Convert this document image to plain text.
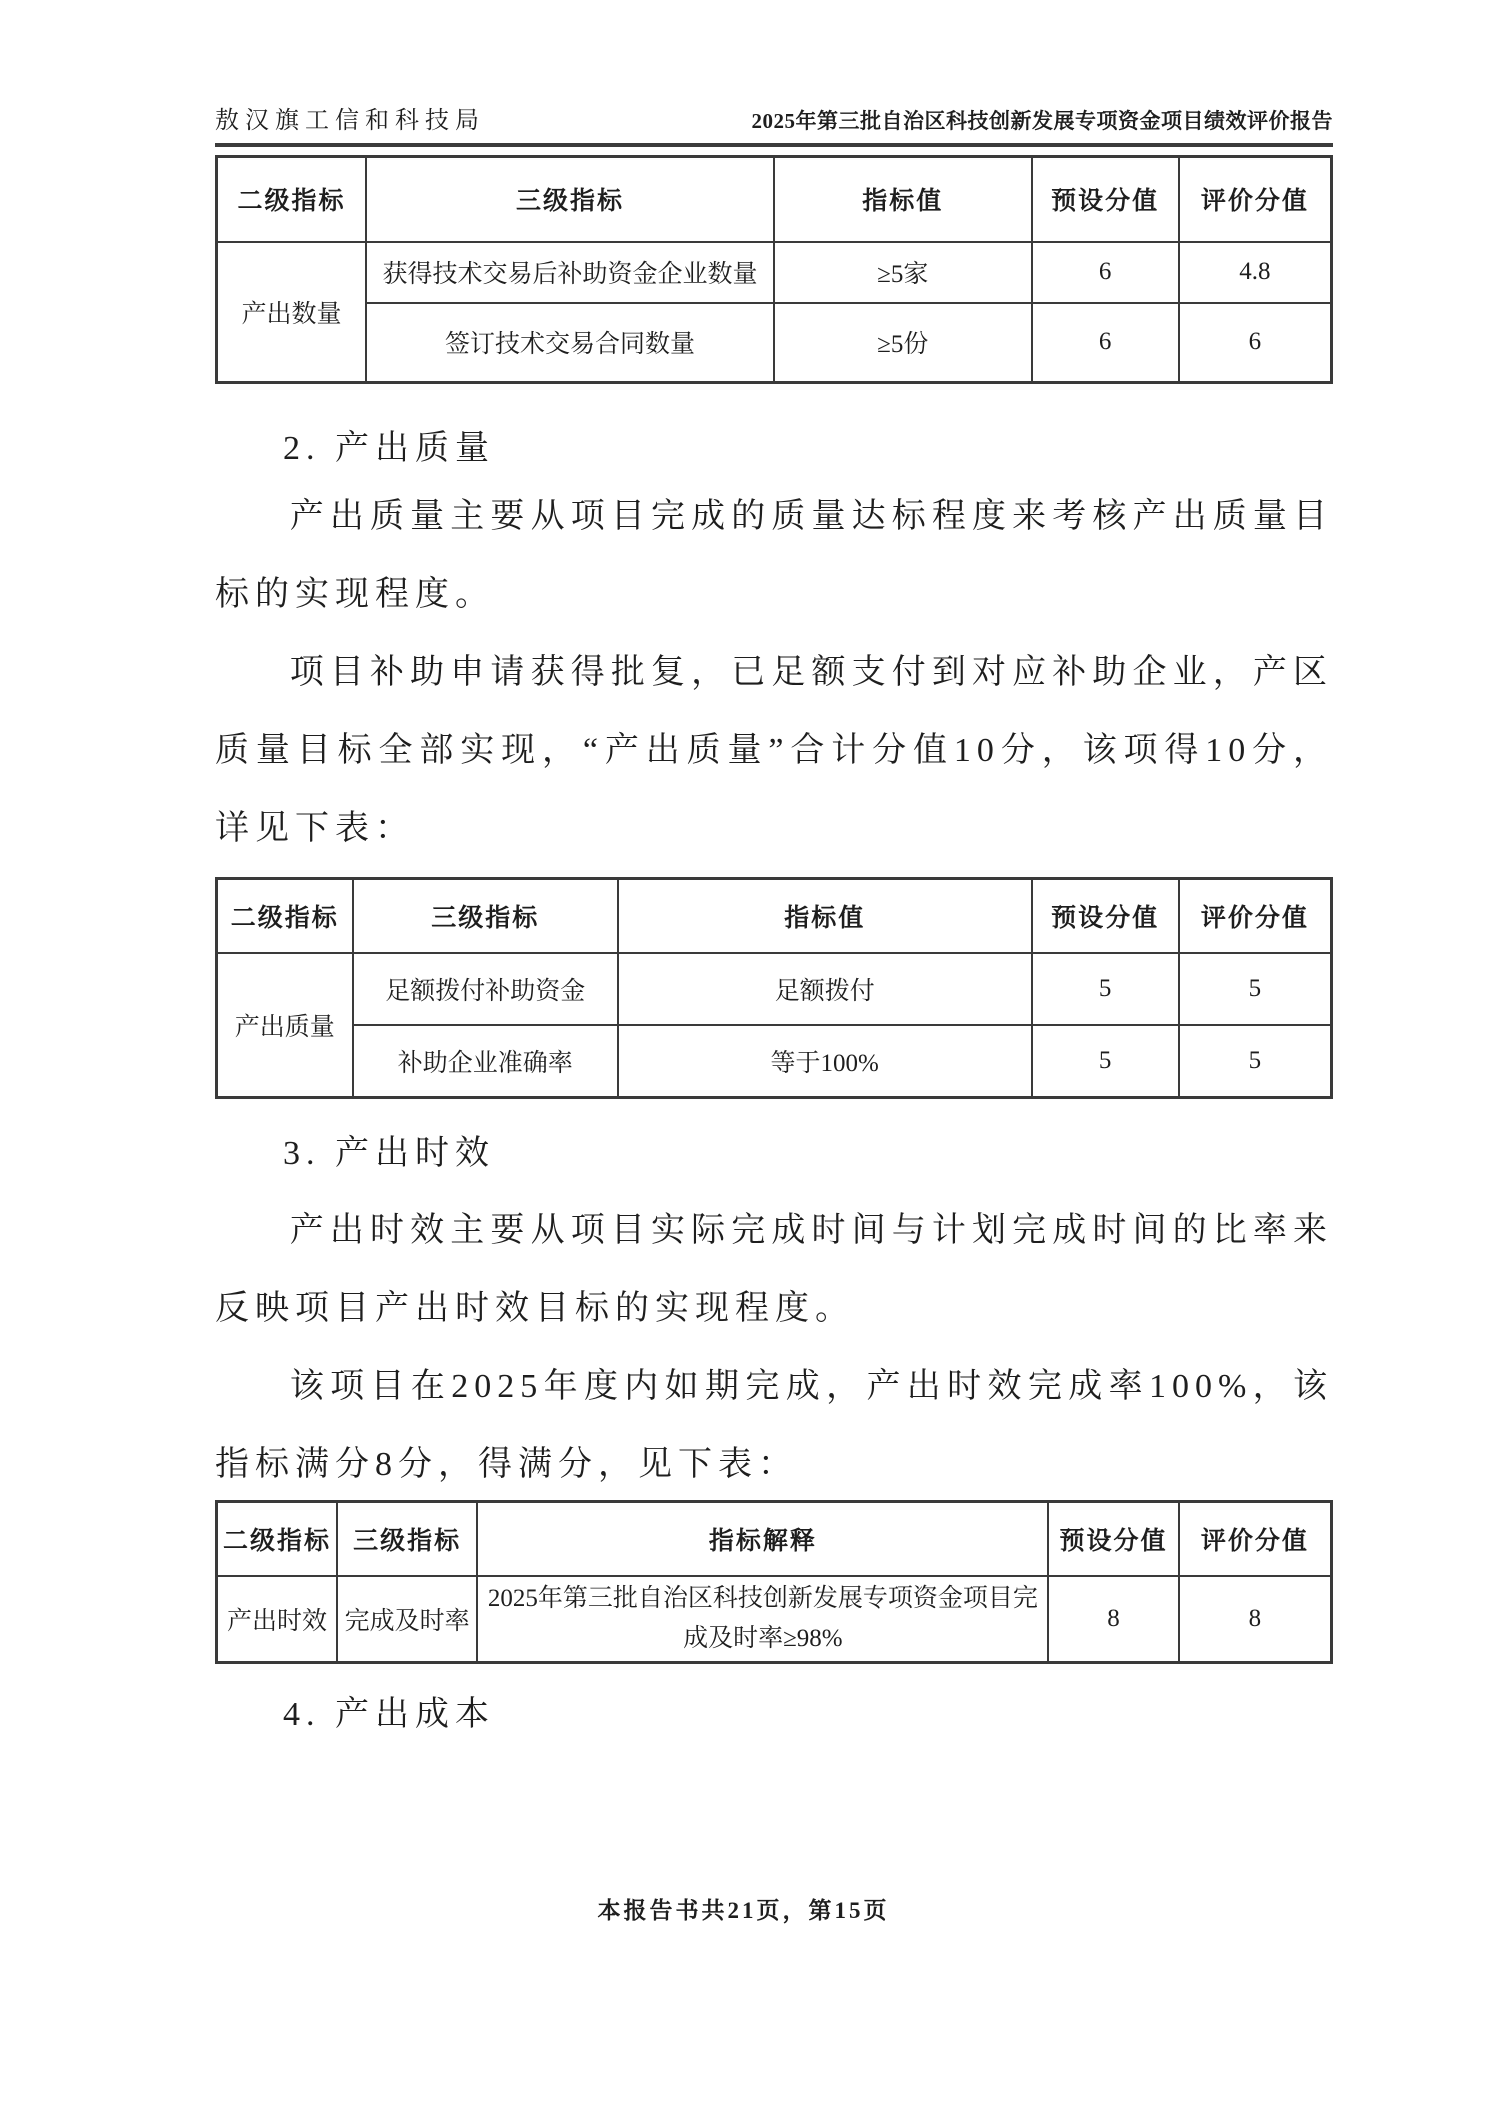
敖汉旗工信和科技局	2025年第三批自治区科技创新发展专项资金项目绩效评价报告
二级指标	三级指标	指标值	预设分值	评价分值
产出数量	获得技术交易后补助资金企业数量	≥5家	6	4.8
	签订技术交易合同数量	≥5份	6	6
2. 产出质量

产出质量主要从项目完成的质量达标程度来考核产出质量目标的实现程度。

项目补助申请获得批复，已足额支付到对应补助企业，产区质量目标全部实现，“产出质量”合计分值10分，该项得10分，详见下表：

二级指标	三级指标	指标值	预设分值	评价分值
产出质量	足额拨付补助资金	足额拨付	5	5
	补助企业准确率	等于100%	5	5
3. 产出时效

产出时效主要从项目实际完成时间与计划完成时间的比率来反映项目产出时效目标的实现程度。

该项目在2025年度内如期完成，产出时效完成率100%，该指标满分8分，得满分，见下表：

二级指标	三级指标	指标解释	预设分值	评价分值
产出时效	完成及时率	2025年第三批自治区科技创新发展专项资金项目完成及时率≥98%	8	8
4. 产出成本
本报告书共21页，第15页
